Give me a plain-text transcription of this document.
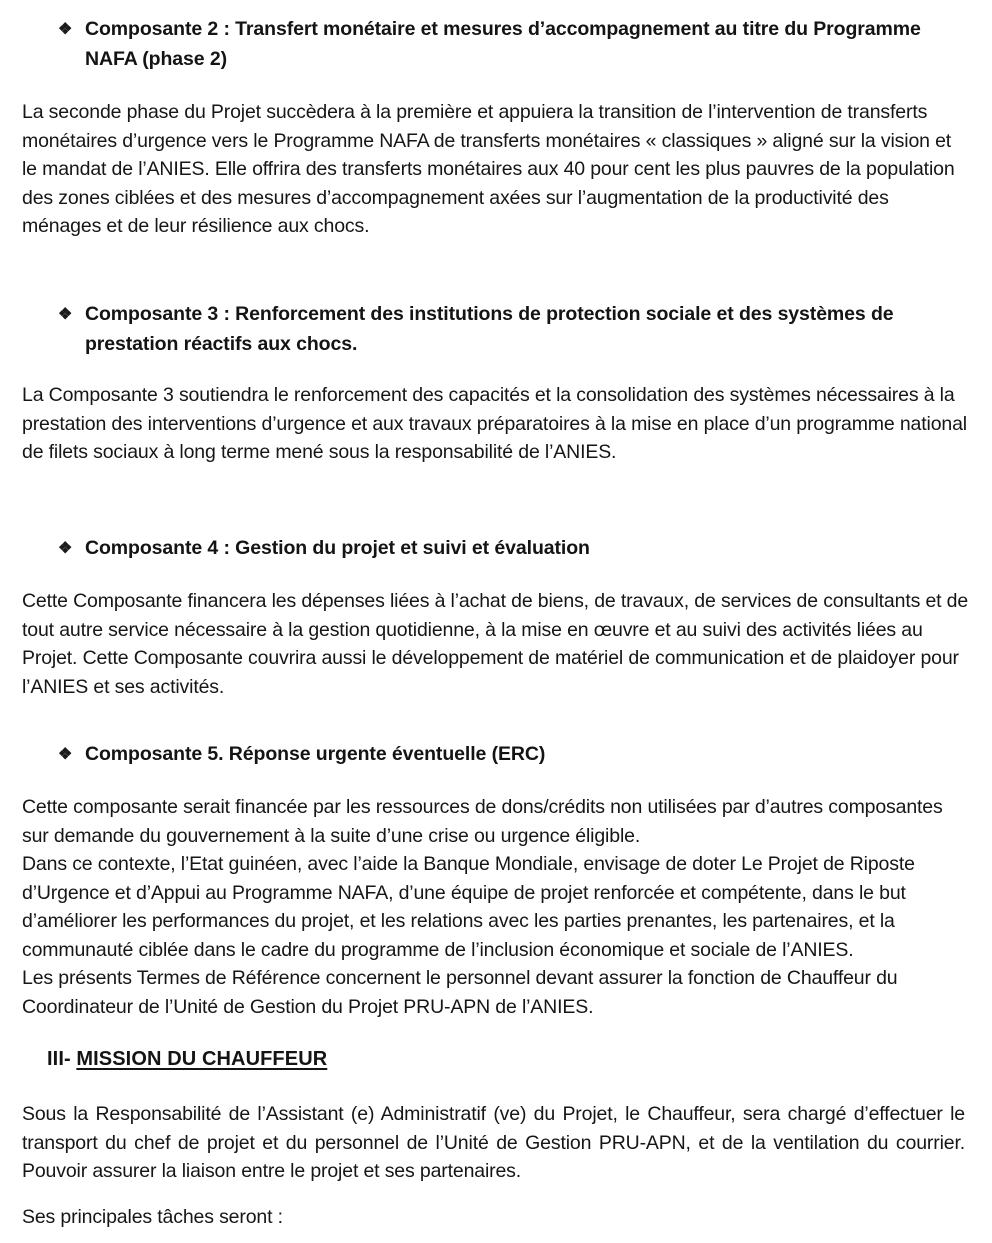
❖ Composante 2 : Transfert monétaire et mesures d’accompagnement au titre du Programme NAFA (phase 2)

La seconde phase du Projet succèdera à la première et appuiera la transition de l’intervention de transferts monétaires d’urgence vers le Programme NAFA de transferts monétaires « classiques » aligné sur la vision et le mandat de l’ANIES. Elle offrira des transferts monétaires aux 40 pour cent les plus pauvres de la population des zones ciblées et des mesures d’accompagnement axées sur l’augmentation de la productivité des ménages et de leur résilience aux chocs.

❖ Composante 3 : Renforcement des institutions de protection sociale et des systèmes de prestation réactifs aux chocs.

La Composante 3 soutiendra le renforcement des capacités et la consolidation des systèmes nécessaires à la prestation des interventions d’urgence et aux travaux préparatoires à la mise en place d’un programme national de filets sociaux à long terme mené sous la responsabilité de l’ANIES.

❖ Composante 4 : Gestion du projet et suivi et évaluation

Cette Composante financera les dépenses liées à l’achat de biens, de travaux, de services de consultants et de tout autre service nécessaire à la gestion quotidienne, à la mise en œuvre et au suivi des activités liées au Projet. Cette Composante couvrira aussi le développement de matériel de communication et de plaidoyer pour l’ANIES et ses activités.

❖ Composante 5. Réponse urgente éventuelle (ERC)

Cette composante serait financée par les ressources de dons/crédits non utilisées par d’autres composantes sur demande du gouvernement à la suite d’une crise ou urgence éligible.

Dans ce contexte, l’Etat guinéen, avec l’aide la Banque Mondiale, envisage de doter Le Projet de Riposte d’Urgence et d’Appui au Programme NAFA, d’une équipe de projet renforcée et compétente, dans le but d’améliorer les performances du projet, et les relations avec les parties prenantes, les partenaires, et la communauté ciblée dans le cadre du programme de l’inclusion économique et sociale de l’ANIES.

Les présents Termes de Référence concernent le personnel devant assurer la fonction de Chauffeur du Coordinateur de l’Unité de Gestion du Projet PRU-APN de l’ANIES.

III- MISSION DU CHAUFFEUR

Sous la Responsabilité de l’Assistant (e) Administratif (ve) du Projet, le Chauffeur, sera chargé d’effectuer le transport du chef de projet et du personnel de l’Unité de Gestion PRU-APN, et de la ventilation du courrier. Pouvoir assurer la liaison entre le projet et ses partenaires.

Ses principales tâches seront :
